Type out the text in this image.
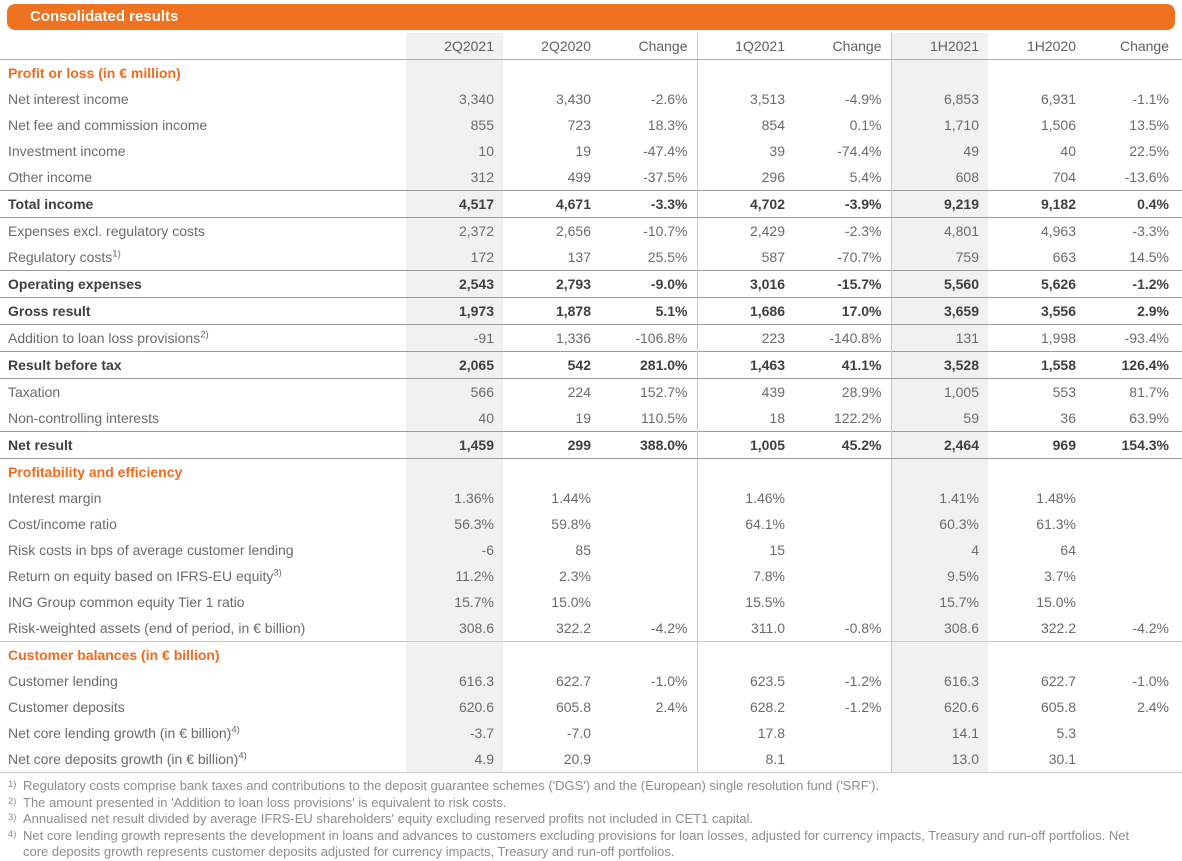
Consolidated results
	2Q2021	2Q2020	Change	1Q2021	Change	1H2021	1H2020	Change
Profit or loss (in € million)								
Net interest income	3,340	3,430	-2.6%	3,513	-4.9%	6,853	6,931	-1.1%
Net fee and commission income	855	723	18.3%	854	0.1%	1,710	1,506	13.5%
Investment income	10	19	-47.4%	39	-74.4%	49	40	22.5%
Other income	312	499	-37.5%	296	5.4%	608	704	-13.6%
Total income	4,517	4,671	-3.3%	4,702	-3.9%	9,219	9,182	0.4%
Expenses excl. regulatory costs	2,372	2,656	-10.7%	2,429	-2.3%	4,801	4,963	-3.3%
Regulatory costs$^{1)}$	172	137	25.5%	587	-70.7%	759	663	14.5%
Operating expenses	2,543	2,793	-9.0%	3,016	-15.7%	5,560	5,626	-1.2%
Gross result	1,973	1,878	5.1%	1,686	17.0%	3,659	3,556	2.9%
Addition to loan loss provisions$^{2)}$	-91	1,336	-106.8%	223	-140.8%	131	1,998	-93.4%
Result before tax	2,065	542	281.0%	1,463	41.1%	3,528	1,558	126.4%
Taxation	566	224	152.7%	439	28.9%	1,005	553	81.7%
Non-controlling interests	40	19	110.5%	18	122.2%	59	36	63.9%
Net result	1,459	299	388.0%	1,005	45.2%	2,464	969	154.3%
Profitability and efficiency								
Interest margin	1.36%	1.44%		1.46%		1.41%	1.48%	
Cost/income ratio	56.3%	59.8%		64.1%		60.3%	61.3%	
Risk costs in bps of average customer lending	-6	85		15		4	64	
Return on equity based on IFRS-EU equity$^{3)}$	11.2%	2.3%		7.8%		9.5%	3.7%	
ING Group common equity Tier 1 ratio	15.7%	15.0%		15.5%		15.7%	15.0%	
Risk-weighted assets (end of period, in € billion)	308.6	322.2	-4.2%	311.0	-0.8%	308.6	322.2	-4.2%
Customer balances (in € billion)								
Customer lending	616.3	622.7	-1.0%	623.5	-1.2%	616.3	622.7	-1.0%
Customer deposits	620.6	605.8	2.4%	628.2	-1.2%	620.6	605.8	2.4%
Net core lending growth (in € billion)$^{4)}$	-3.7	-7.0		17.8		14.1	5.3	
Net core deposits growth (in € billion)$^{4)}$	4.9	20.9		8.1		13.0	30.1	
1) Regulatory costs comprise bank taxes and contributions to the deposit guarantee schemes ('DGS') and the (European) single resolution fund ('SRF').
2) The amount presented in 'Addition to loan loss provisions' is equivalent to risk costs.
3) Annualised net result divided by average IFRS-EU shareholders' equity excluding reserved profits not included in CET1 capital.
4) Net core lending growth represents the development in loans and advances to customers excluding provisions for loan losses, adjusted for currency impacts, Treasury and run-off portfolios. Net core deposits growth represents customer deposits adjusted for currency impacts, Treasury and run-off portfolios.
